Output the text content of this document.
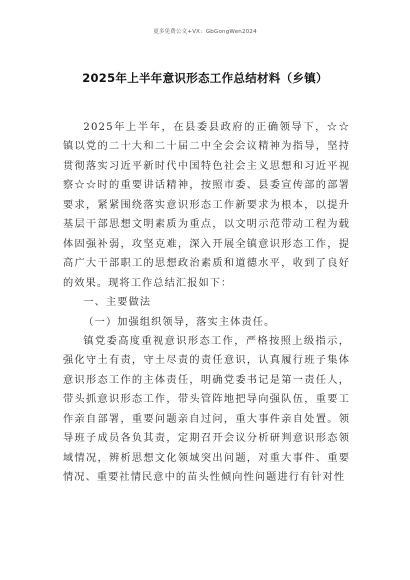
更多免费公文+VX：GbGongWen2024
2025年上半年意识形态工作总结材料（乡镇）

2025年上半年，在县委县政府的正确领导下，☆☆镇以党的二十大和二十届二中全会会议精神为指导，坚持贯彻落实习近平新时代中国特色社会主义思想和习近平视察☆☆时的重要讲话精神，按照市委、县委宣传部的部署要求，紧紧围绕落实意识形态工作新要求为根本，以提升基层干部思想文明素质为重点，以文明示范带动工程为载体固强补弱，攻坚克难，深入开展全镇意识形态工作，提高广大干部职工的思想政治素质和道德水平，收到了良好的效果。现将工作总结汇报如下：

一、主要做法

（一）加强组织领导，落实主体责任。

镇党委高度重视意识形态工作，严格按照上级指示，强化守土有责，守土尽责的责任意识，认真履行班子集体意识形态工作的主体责任，明确党委书记是第一责任人，带头抓意识形态工作，带头管阵地把导向强队伍，重要工作亲自部署，重要问题亲自过问，重大事件亲自处置。领导班子成员各负其责，定期召开会议分析研判意识形态领域情况，辨析思想文化领域突出问题，对重大事件、重要情况、重要社情民意中的苗头性倾向性问题进行有针对性
